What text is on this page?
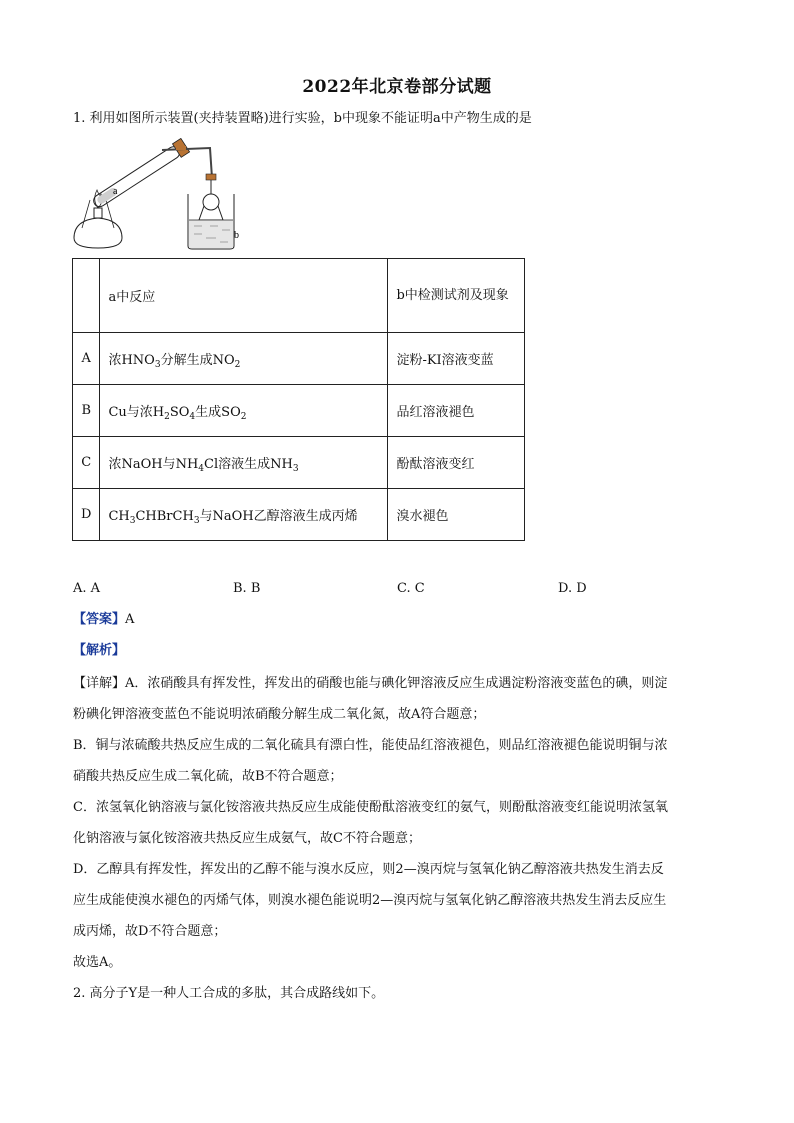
2022年北京卷部分试题
1. 利用如图所示装置(夹持装置略)进行实验，b中现象不能证明a中产物生成的是
a
b
	a中反应	b中检测试剂及现象
A	浓$HNO_3$分解生成$NO_2$	淀粉-KI溶液变蓝
B	Cu与浓$H_2SO_4$生成$SO_2$	品红溶液褪色
C	浓NaOH与$NH_4Cl$溶液生成$NH_3$	酚酞溶液变红
D	$CH_3CHBrCH_3$与NaOH乙醇溶液生成丙烯	溴水褪色
A. A	B. B	C. C	D. D
【答案】A
【解析】
【详解】A．浓硝酸具有挥发性，挥发出的硝酸也能与碘化钾溶液反应生成遇淀粉溶液变蓝色的碘，则淀
粉碘化钾溶液变蓝色不能说明浓硝酸分解生成二氧化氮，故A符合题意；
B．铜与浓硫酸共热反应生成的二氧化硫具有漂白性，能使品红溶液褪色，则品红溶液褪色能说明铜与浓
硝酸共热反应生成二氧化硫，故B不符合题意；
C．浓氢氧化钠溶液与氯化铵溶液共热反应生成能使酚酞溶液变红的氨气，则酚酞溶液变红能说明浓氢氧
化钠溶液与氯化铵溶液共热反应生成氨气，故C不符合题意；
D．乙醇具有挥发性，挥发出的乙醇不能与溴水反应，则2—溴丙烷与氢氧化钠乙醇溶液共热发生消去反
应生成能使溴水褪色的丙烯气体，则溴水褪色能说明2—溴丙烷与氢氧化钠乙醇溶液共热发生消去反应生
成丙烯，故D不符合题意；
故选A。
2. 高分子Y是一种人工合成的多肽，其合成路线如下。
